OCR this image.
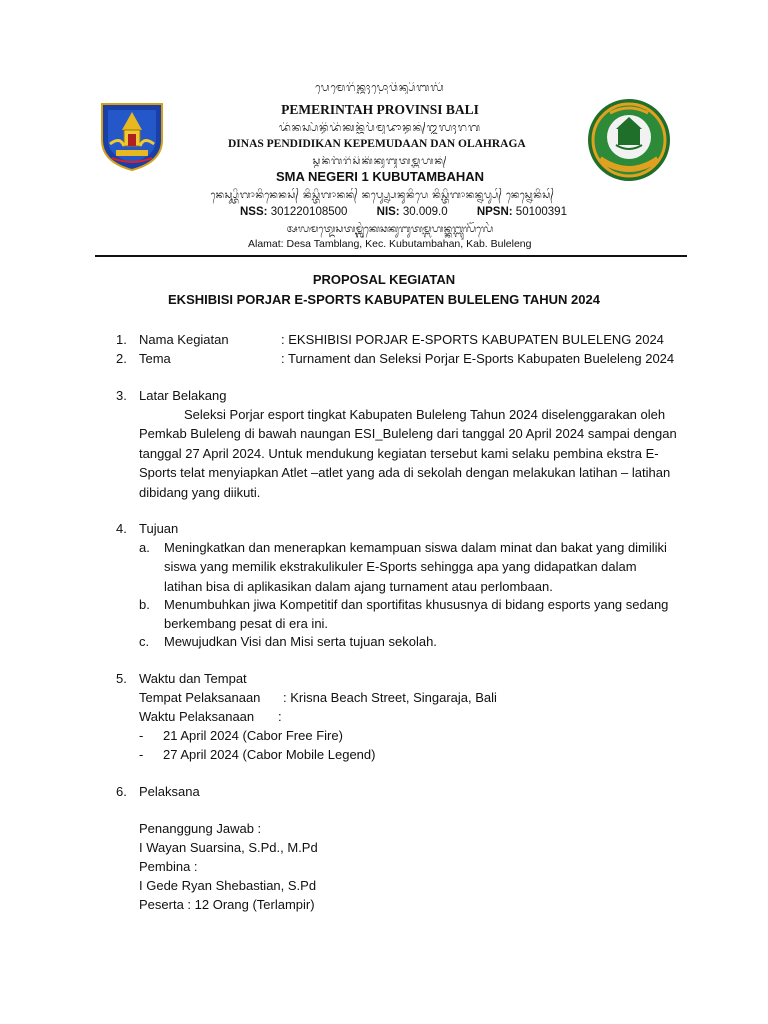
ᬧᬾᬫᬾᬭᬶᬦ᭄ᬢᬄᬧ᭄ᬭᭀᬯᬶᬦ᭄ᬲᬶᬩᬮᬶ
PEMERINTAH PROVINSI BALI
ᬤᬶᬦᬲ᭄ᬧᭂᬦ᭄ᬤᬶᬤᬶᬓᬦ᭄ᬓᭂᬧᭂᬫᬸᬤᬵᬦ᭄ᬤᬦ᭄ᬑᬮᬄᬭᬕ
DINAS PENDIDIKAN KEPEMUDAAN DAN OLAHRAGA
ᬲ᭄ᬫᬦᭂᬕᭂᬭᬶᬲᬶᬓᬶᬓᬸᬩᬸᬢᬫ᭄ᬩᬳᬦ᭄
SMA NEGERI 1 KUBUTAMBAHAN
ᬦᬾᬲ᭄ᬲ᭄ᬢᬶᬕᬵᬦᬶᬦᬾᬦᬲ᭄ ᬦᬶᬲ᭄ᬢᬶᬕᬵᬦᬦ᭄ ᬦᬧ᭄ᬲ᭄ᬦ᭄ᬧᬾᬦᬸᬦᬶᬧᬾ ᬦᬶᬲ᭄ᬢᬶᬕᬵᬦᬦ᭄ᬦᬧ᭄ᬲ᭄ ᬦᬾᬲ᭄ᬦᬾᬦᬶᬲ᭄
NSS: 301220108500	NIS: 30.009.0	NPSN: 50100391
ᬅᬮᬫᬢ᭄ᬤᬾᬲᬢᬫ᭄ᬩ᭄ᬮᬂᬓᬾᬘᬓᬸᬩᬸᬢᬫ᭄ᬩᬳᬦ᭄ᬓᬩ᭄ᬩᬸᬮᭂᬮᬾᬂ
Alamat: Desa Tamblang, Kec. Kubutambahan, Kab. Buleleng
PROPOSAL KEGIATAN
EKSHIBISI PORJAR E-SPORTS KABUPATEN BULELENG TAHUN 2024
1. Nama Kegiatan	: EKSHIBISI PORJAR E-SPORTS KABUPATEN BULELENG 2024
2. Tema	: Turnament dan Seleksi Porjar E-Sports Kabupaten Bueleleng 2024
3. Latar Belakang
Seleksi Porjar esport tingkat Kabupaten Buleleng Tahun 2024 diselenggarakan oleh Pemkab Buleleng di bawah naungan ESI_Buleleng dari tanggal 20 April 2024 sampai dengan tanggal 27 April 2024. Untuk mendukung kegiatan tersebut kami selaku pembina ekstra E-Sports telat menyiapkan Atlet –atlet yang ada di sekolah dengan melakukan latihan – latihan dibidang yang diikuti.
4. Tujuan
a. Meningkatkan dan menerapkan kemampuan siswa dalam minat dan bakat yang dimiliki siswa yang memilik ekstrakulikuler E-Sports sehingga apa yang didapatkan dalam latihan bisa di aplikasikan dalam ajang turnament atau perlombaan.
b. Menumbuhkan jiwa Kompetitif dan sportifitas khususnya di bidang esports yang sedang berkembang pesat di era ini.
c. Mewujudkan Visi dan Misi serta tujuan sekolah.
5. Waktu dan Tempat
Tempat Pelaksanaan : Krisna Beach Street, Singaraja, Bali
Waktu Pelaksanaan :
- 21 April 2024 (Cabor Free Fire)
- 27 April 2024 (Cabor Mobile Legend)
6. Pelaksana
Penanggung Jawab :
I Wayan Suarsina, S.Pd., M.Pd
Pembina :
I Gede Ryan Shebastian, S.Pd
Peserta : 12 Orang (Terlampir)
